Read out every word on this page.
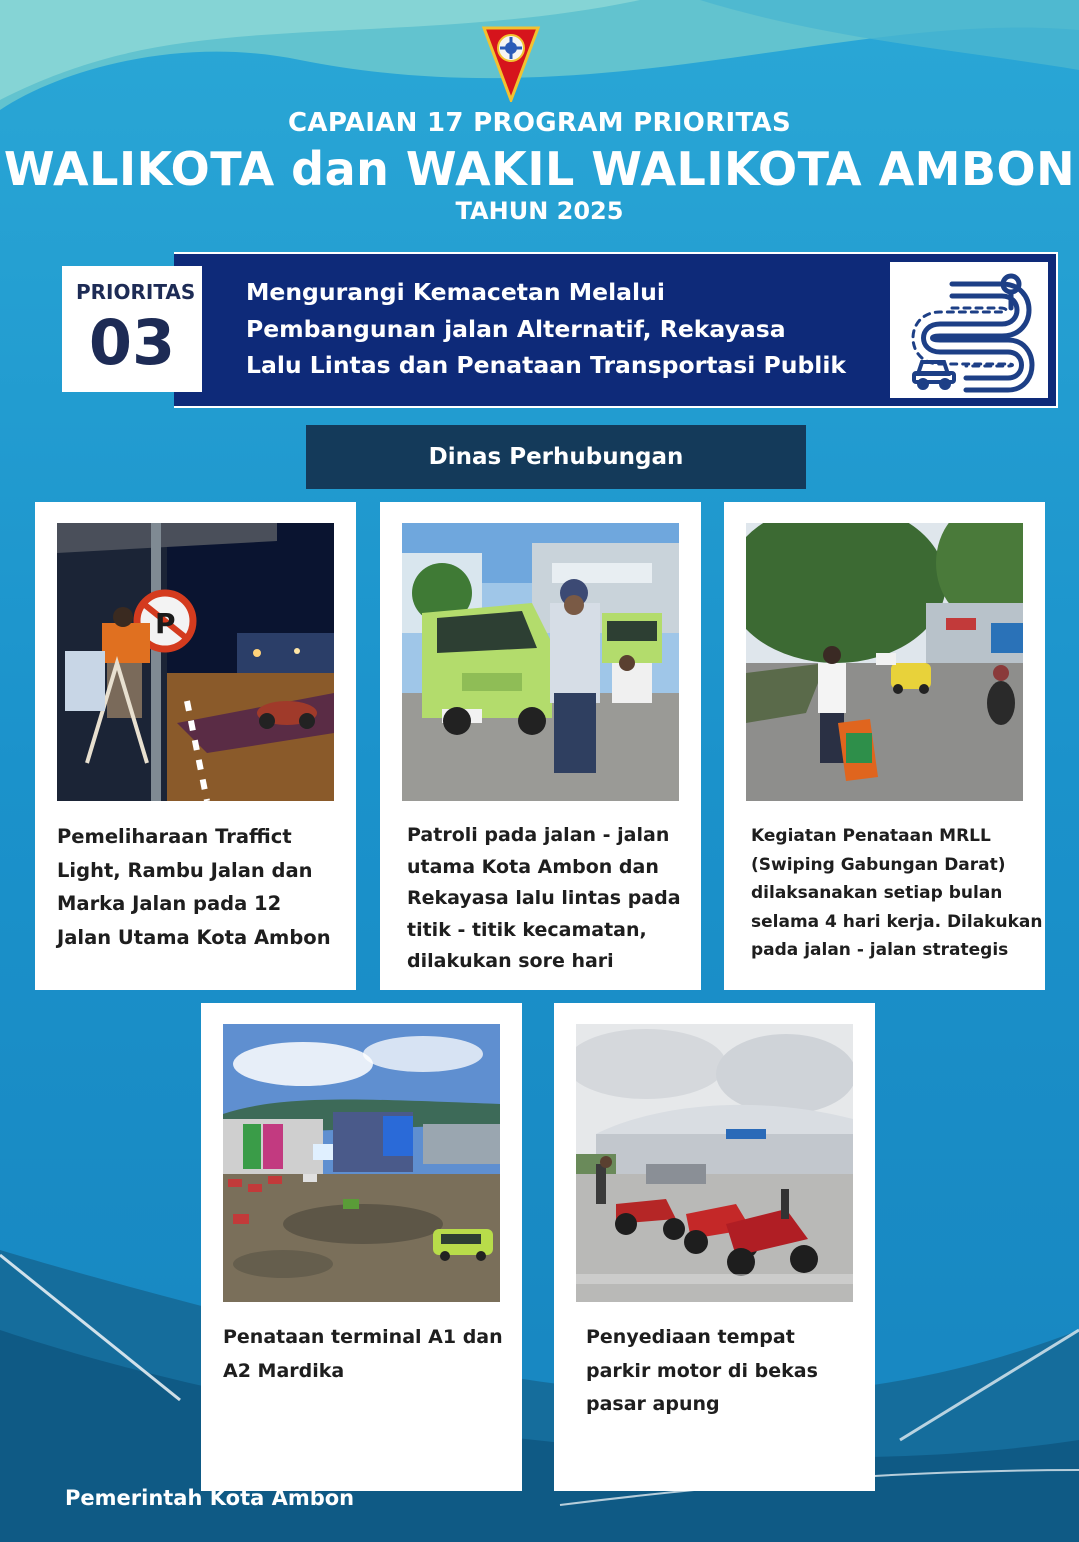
CAPAIAN 17 PROGRAM PRIORITAS
WALIKOTA dan WAKIL WALIKOTA AMBON
TAHUN 2025
PRIORITAS
03
Mengurangi Kemacetan Melalui
Pembangunan jalan Alternatif, Rekayasa
Lalu Lintas dan Penataan Transportasi Publik
Dinas Perhubungan
P
Pemeliharaan Traffict
Light, Rambu Jalan dan
Marka Jalan pada 12
Jalan Utama Kota Ambon
Patroli pada jalan - jalan
utama Kota Ambon dan
Rekayasa lalu lintas pada
titik - titik kecamatan,
dilakukan sore hari
Kegiatan Penataan MRLL
(Swiping Gabungan Darat)
dilaksanakan setiap bulan
selama 4 hari kerja. Dilakukan
pada jalan - jalan strategis
Penataan terminal A1 dan
A2 Mardika
Penyediaan tempat
parkir motor di bekas
pasar apung
Pemerintah Kota Ambon
